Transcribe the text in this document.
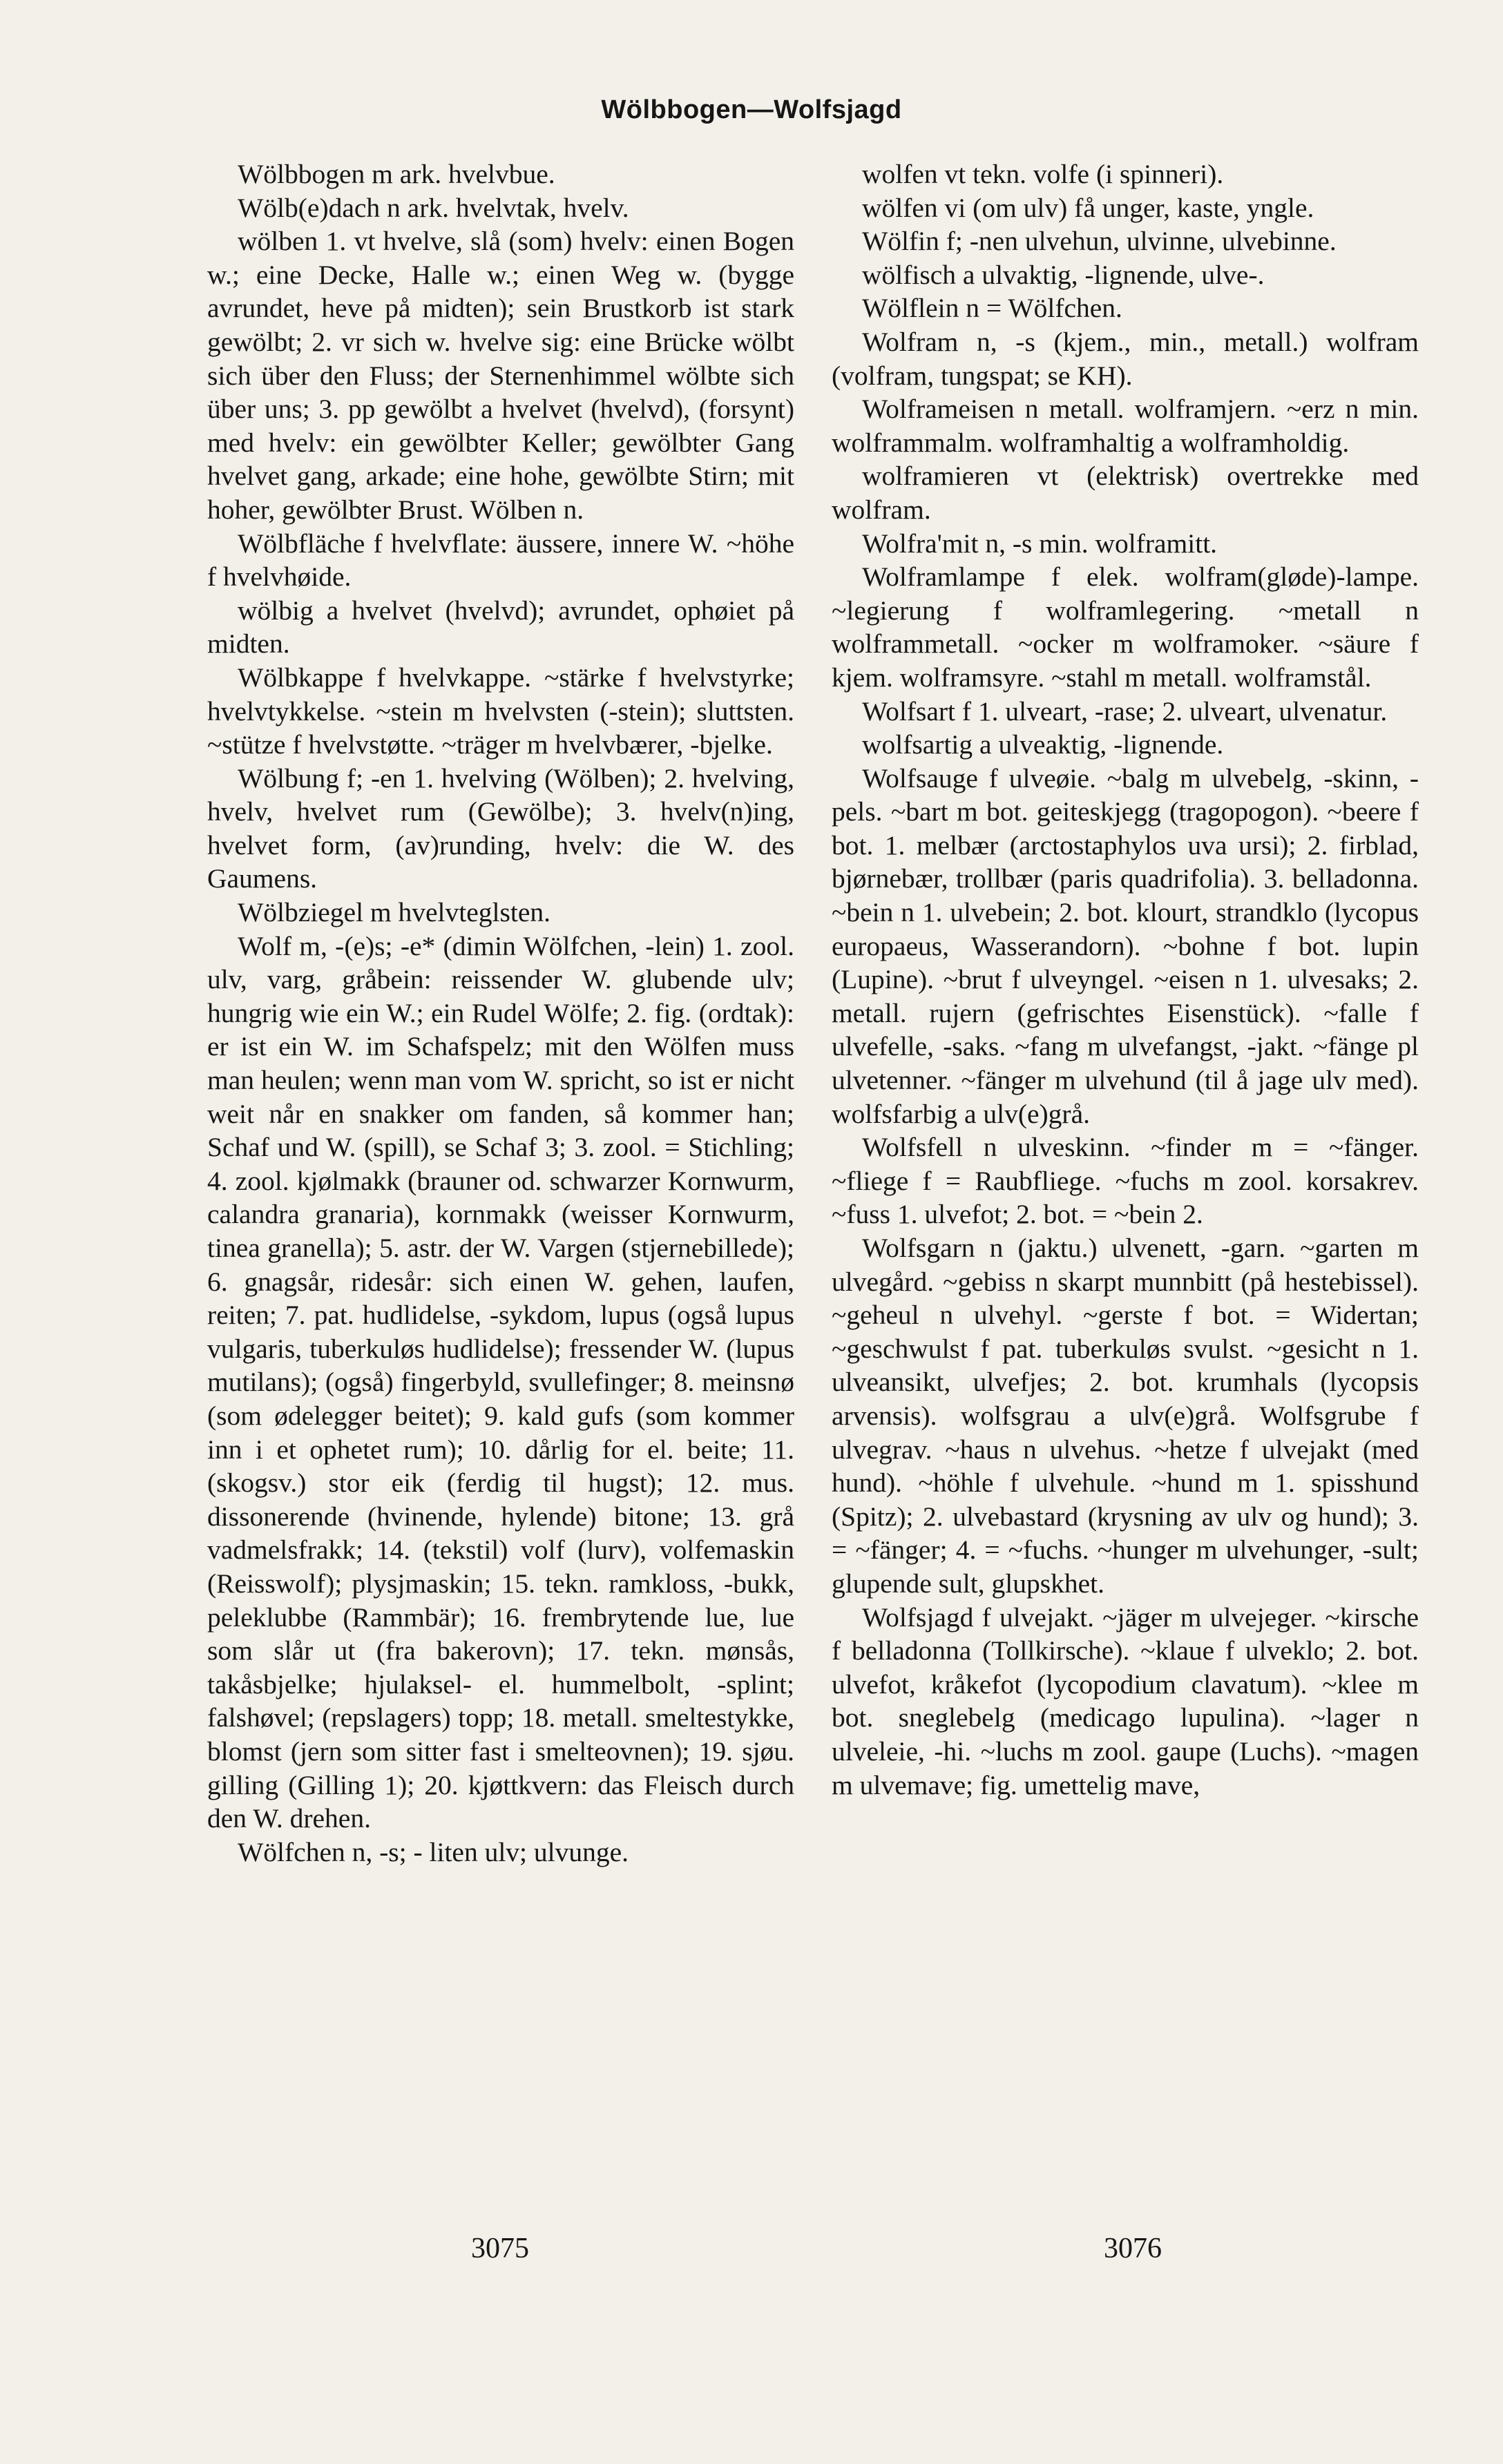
Wölbbogen—Wolfsjagd

Wölbbogen m ark. hvelvbue.

Wölb(e)dach n ark. hvelvtak, hvelv.

wölben 1. vt hvelve, slå (som) hvelv: einen Bogen w.; eine Decke, Halle w.; einen Weg w. (bygge avrundet, heve på midten); sein Brustkorb ist stark gewölbt; 2. vr sich w. hvelve sig: eine Brücke wölbt sich über den Fluss; der Sternenhimmel wölbte sich über uns; 3. pp gewölbt a hvelvet (hvelvd), (forsynt) med hvelv: ein gewölbter Keller; gewölbter Gang hvelvet gang, arkade; eine hohe, gewölbte Stirn; mit hoher, gewölbter Brust. Wölben n.

Wölbfläche f hvelvflate: äussere, innere W. ~höhe f hvelvhøide.

wölbig a hvelvet (hvelvd); avrundet, ophøiet på midten.

Wölbkappe f hvelvkappe. ~stärke f hvelvstyrke; hvelvtykkelse. ~stein m hvelvsten (-stein); sluttsten. ~stütze f hvelvstøtte. ~träger m hvelvbærer, -bjelke.

Wölbung f; -en 1. hvelving (Wölben); 2. hvelving, hvelv, hvelvet rum (Gewölbe); 3. hvelv(n)ing, hvelvet form, (av)runding, hvelv: die W. des Gaumens.

Wölbziegel m hvelvteglsten.

Wolf m, -(e)s; -e* (dimin Wölfchen, -lein) 1. zool. ulv, varg, gråbein: reissender W. glubende ulv; hungrig wie ein W.; ein Rudel Wölfe; 2. fig. (ordtak): er ist ein W. im Schafspelz; mit den Wölfen muss man heulen; wenn man vom W. spricht, so ist er nicht weit når en snakker om fanden, så kommer han; Schaf und W. (spill), se Schaf 3; 3. zool. = Stichling; 4. zool. kjølmakk (brauner od. schwarzer Kornwurm, calandra granaria), kornmakk (weisser Kornwurm, tinea granella); 5. astr. der W. Vargen (stjernebillede); 6. gnagsår, ridesår: sich einen W. gehen, laufen, reiten; 7. pat. hudlidelse, -sykdom, lupus (også lupus vulgaris, tuberkuløs hudlidelse); fressender W. (lupus mutilans); (også) fingerbyld, svullefinger; 8. meinsnø (som ødelegger beitet); 9. kald gufs (som kommer inn i et ophetet rum); 10. dårlig for el. beite; 11. (skogsv.) stor eik (ferdig til hugst); 12. mus. dissonerende (hvinende, hylende) bitone; 13. grå vadmelsfrakk; 14. (tekstil) volf (lurv), volfemaskin (Reisswolf); plysjmaskin; 15. tekn. ramkloss, -bukk, peleklubbe (Rammbär); 16. frembrytende lue, lue som slår ut (fra bakerovn); 17. tekn. mønsås, takåsbjelke; hjulaksel- el. hummelbolt, -splint; falshøvel; (repslagers) topp; 18. metall. smeltestykke, blomst (jern som sitter fast i smelteovnen); 19. sjøu. gilling (Gilling 1); 20. kjøttkvern: das Fleisch durch den W. drehen.

Wölfchen n, -s; - liten ulv; ulvunge.

wolfen vt tekn. volfe (i spinneri).

wölfen vi (om ulv) få unger, kaste, yngle.

Wölfin f; -nen ulvehun, ulvinne, ulvebinne.

wölfisch a ulvaktig, -lignende, ulve-.

Wölflein n = Wölfchen.

Wolfram n, -s (kjem., min., metall.) wolfram (volfram, tungspat; se KH).

Wolframeisen n metall. wolframjern. ~erz n min. wolframmalm. wolframhaltig a wolframholdig.

wolframieren vt (elektrisk) overtrekke med wolfram.

Wolfra'mit n, -s min. wolframitt.

Wolframlampe f elek. wolfram(gløde)-lampe. ~legierung f wolframlegering. ~metall n wolframmetall. ~ocker m wolframoker. ~säure f kjem. wolframsyre. ~stahl m metall. wolframstål.

Wolfsart f 1. ulveart, -rase; 2. ulveart, ulvenatur.

wolfsartig a ulveaktig, -lignende.

Wolfsauge f ulveøie. ~balg m ulvebelg, -skinn, -pels. ~bart m bot. geiteskjegg (tragopogon). ~beere f bot. 1. melbær (arctostaphylos uva ursi); 2. firblad, bjørnebær, trollbær (paris quadrifolia). 3. belladonna. ~bein n 1. ulvebein; 2. bot. klourt, strandklo (lycopus europaeus, Wasserandorn). ~bohne f bot. lupin (Lupine). ~brut f ulveyngel. ~eisen n 1. ulvesaks; 2. metall. rujern (gefrischtes Eisenstück). ~falle f ulvefelle, -saks. ~fang m ulvefangst, -jakt. ~fänge pl ulvetenner. ~fänger m ulvehund (til å jage ulv med). wolfsfarbig a ulv(e)grå.

Wolfsfell n ulveskinn. ~finder m = ~fänger. ~fliege f = Raubfliege. ~fuchs m zool. korsakrev. ~fuss 1. ulvefot; 2. bot. = ~bein 2.

Wolfsgarn n (jaktu.) ulvenett, -garn. ~garten m ulvegård. ~gebiss n skarpt munnbitt (på hestebissel). ~geheul n ulvehyl. ~gerste f bot. = Widertan; ~geschwulst f pat. tuberkuløs svulst. ~gesicht n 1. ulveansikt, ulvefjes; 2. bot. krumhals (lycopsis arvensis). wolfsgrau a ulv(e)grå. Wolfsgrube f ulvegrav. ~haus n ulvehus. ~hetze f ulvejakt (med hund). ~höhle f ulvehule. ~hund m 1. spisshund (Spitz); 2. ulvebastard (krysning av ulv og hund); 3. = ~fänger; 4. = ~fuchs. ~hunger m ulvehunger, -sult; glupende sult, glupskhet.

Wolfsjagd f ulvejakt. ~jäger m ulvejeger. ~kirsche f belladonna (Tollkirsche). ~klaue f ulveklo; 2. bot. ulvefot, kråkefot (lycopodium clavatum). ~klee m bot. sneglebelg (medicago lupulina). ~lager n ulveleie, -hi. ~luchs m zool. gaupe (Luchs). ~magen m ulvemave; fig. umettelig mave,

3075	3076
